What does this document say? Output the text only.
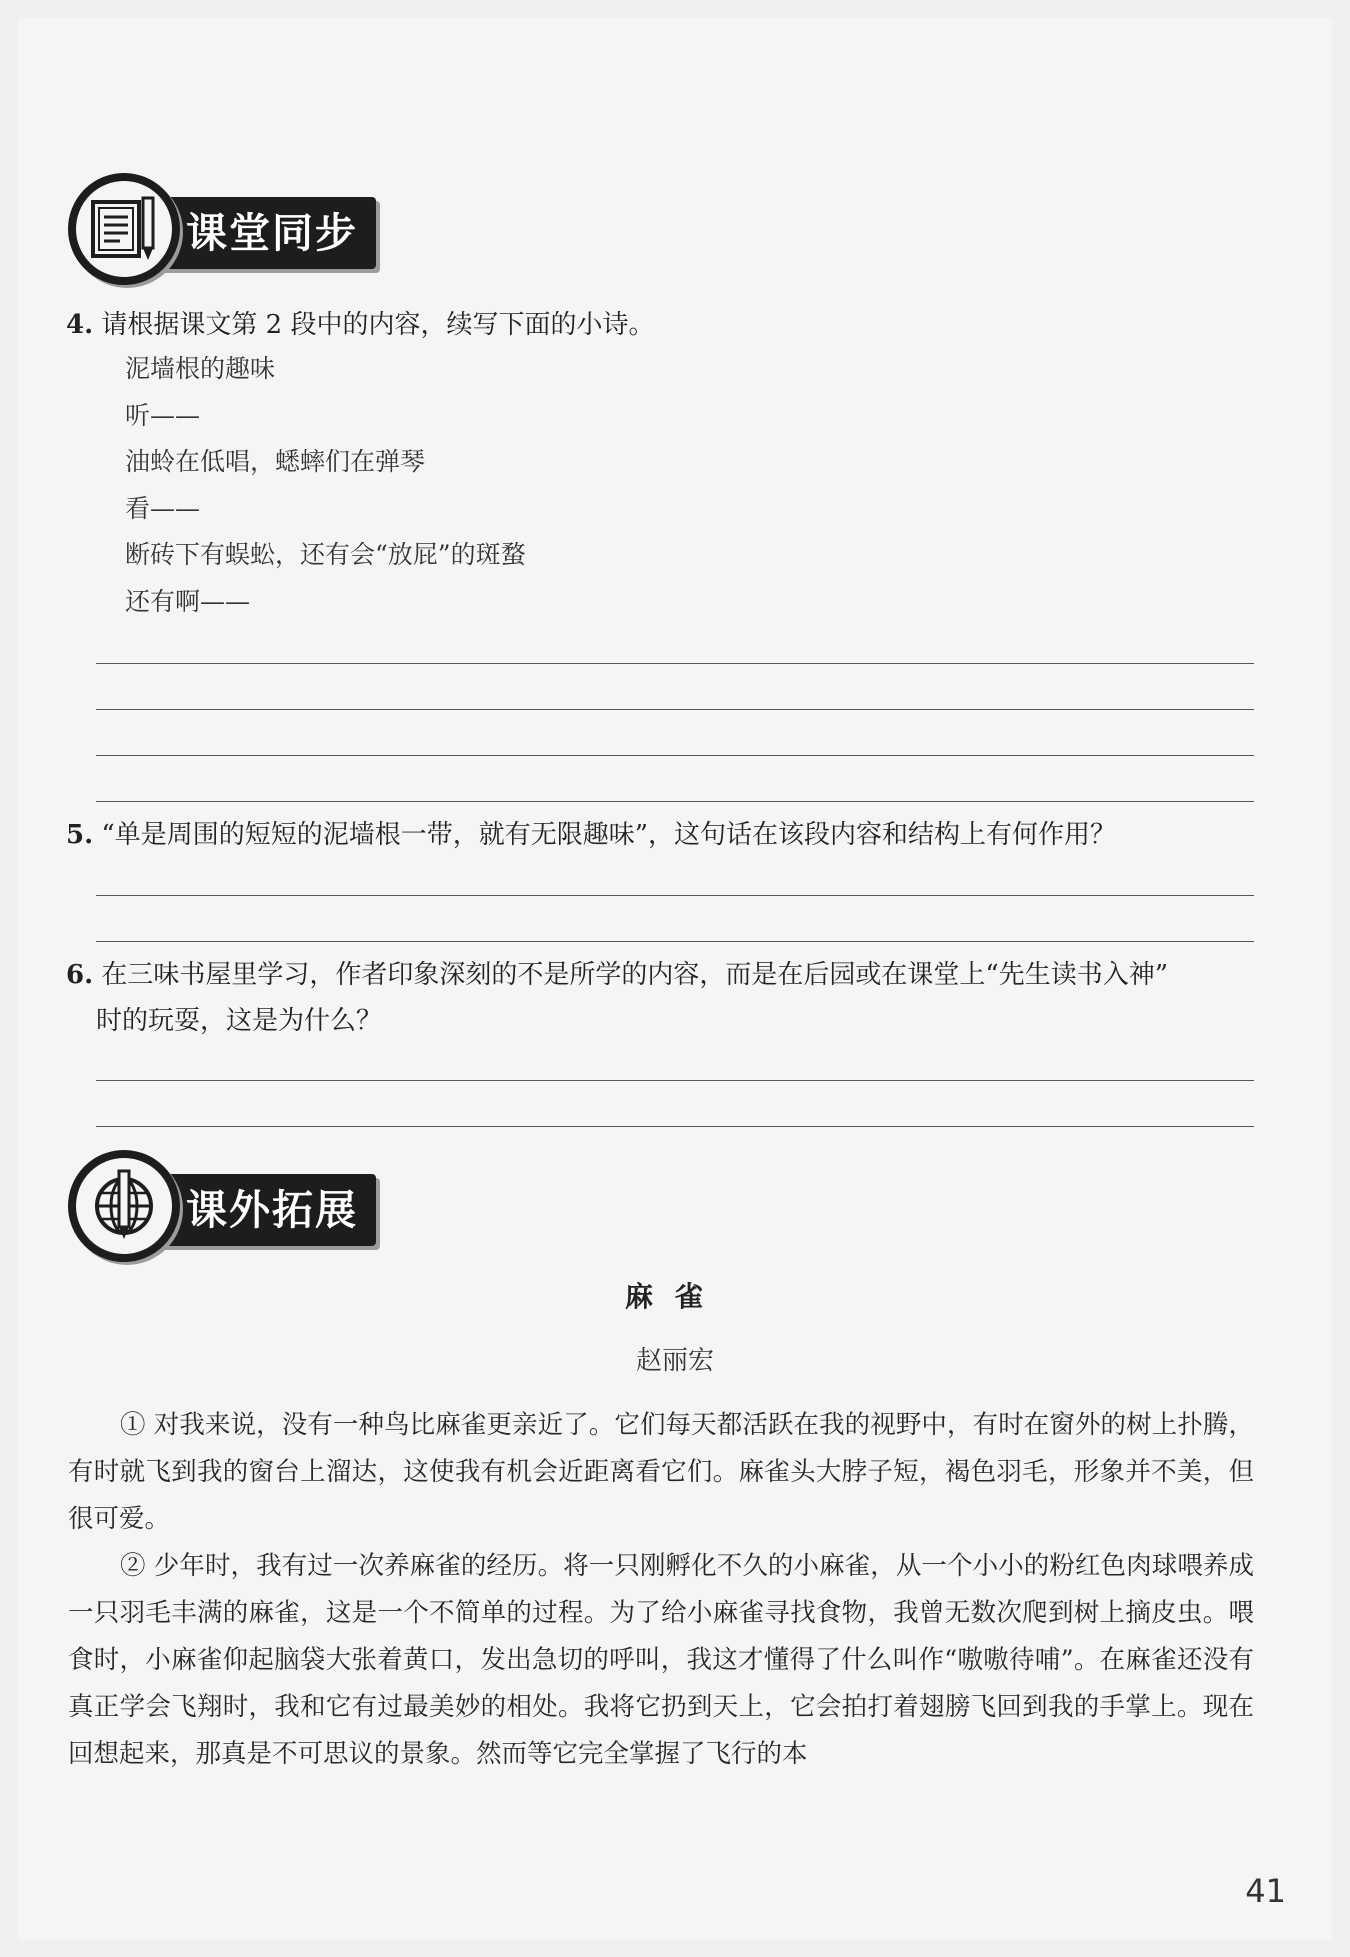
课堂同步
4. 请根据课文第 2 段中的内容，续写下面的小诗。
泥墙根的趣味
听——
油蛉在低唱，蟋蟀们在弹琴
看——
断砖下有蜈蚣，还有会“放屁”的斑蝥
还有啊——
5. “单是周围的短短的泥墙根一带，就有无限趣味”，这句话在该段内容和结构上有何作用？
6. 在三味书屋里学习，作者印象深刻的不是所学的内容，而是在后园或在课堂上“先生读书入神”
时的玩耍，这是为什么？
课外拓展
麻雀
赵丽宏
① 对我来说，没有一种鸟比麻雀更亲近了。它们每天都活跃在我的视野中，有时在窗外的树上扑腾，有时就飞到我的窗台上溜达，这使我有机会近距离看它们。麻雀头大脖子短，褐色羽毛，形象并不美，但很可爱。
② 少年时，我有过一次养麻雀的经历。将一只刚孵化不久的小麻雀，从一个小小的粉红色肉球喂养成一只羽毛丰满的麻雀，这是一个不简单的过程。为了给小麻雀寻找食物，我曾无数次爬到树上摘皮虫。喂食时，小麻雀仰起脑袋大张着黄口，发出急切的呼叫，我这才懂得了什么叫作“嗷嗷待哺”。在麻雀还没有真正学会飞翔时，我和它有过最美妙的相处。我将它扔到天上，它会拍打着翅膀飞回到我的手掌上。现在回想起来，那真是不可思议的景象。然而等它完全掌握了飞行的本
41
